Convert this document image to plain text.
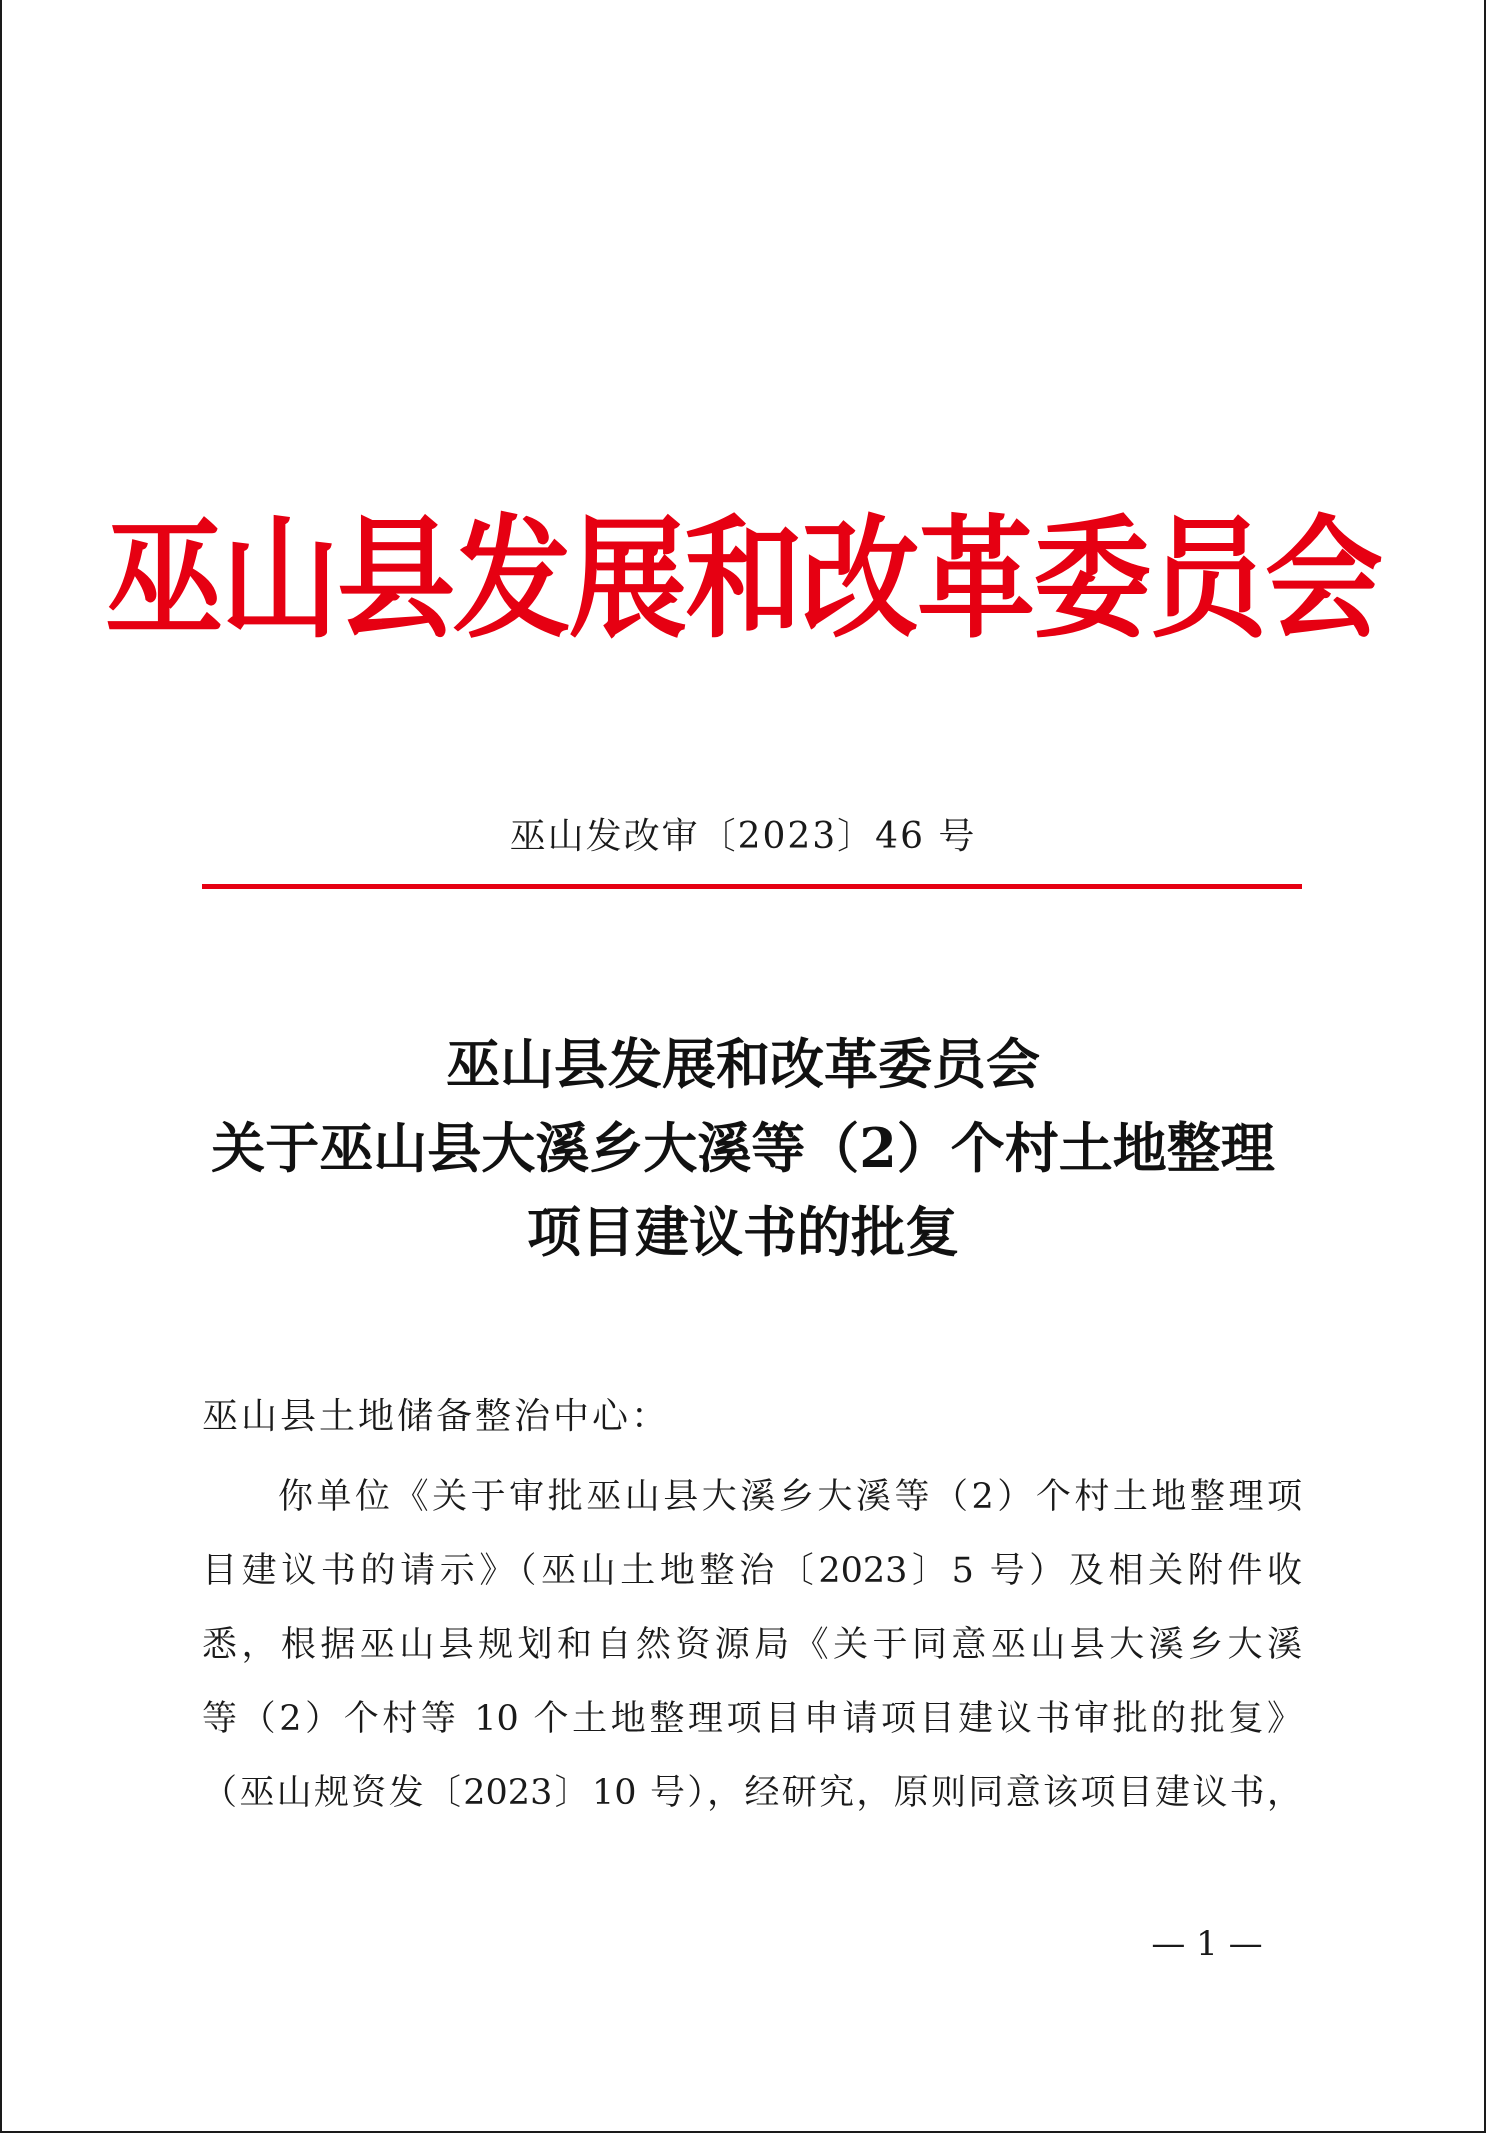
巫山县发展和改革委员会
巫山发改审〔2023〕46 号
巫山县发展和改革委员会
关于巫山县大溪乡大溪等（2）个村土地整理
项目建议书的批复
巫山县土地储备整治中心：
你单位《关于审批巫山县大溪乡大溪等（2）个村土地整理项
目建议书的请示》（巫山土地整治〔2023〕5 号）及相关附件收
悉，根据巫山县规划和自然资源局《关于同意巫山县大溪乡大溪
等（2）个村等 10 个土地整理项目申请项目建议书审批的批复》
（巫山规资发〔2023〕10 号），经研究，原则同意该项目建议书，
— 1 —
